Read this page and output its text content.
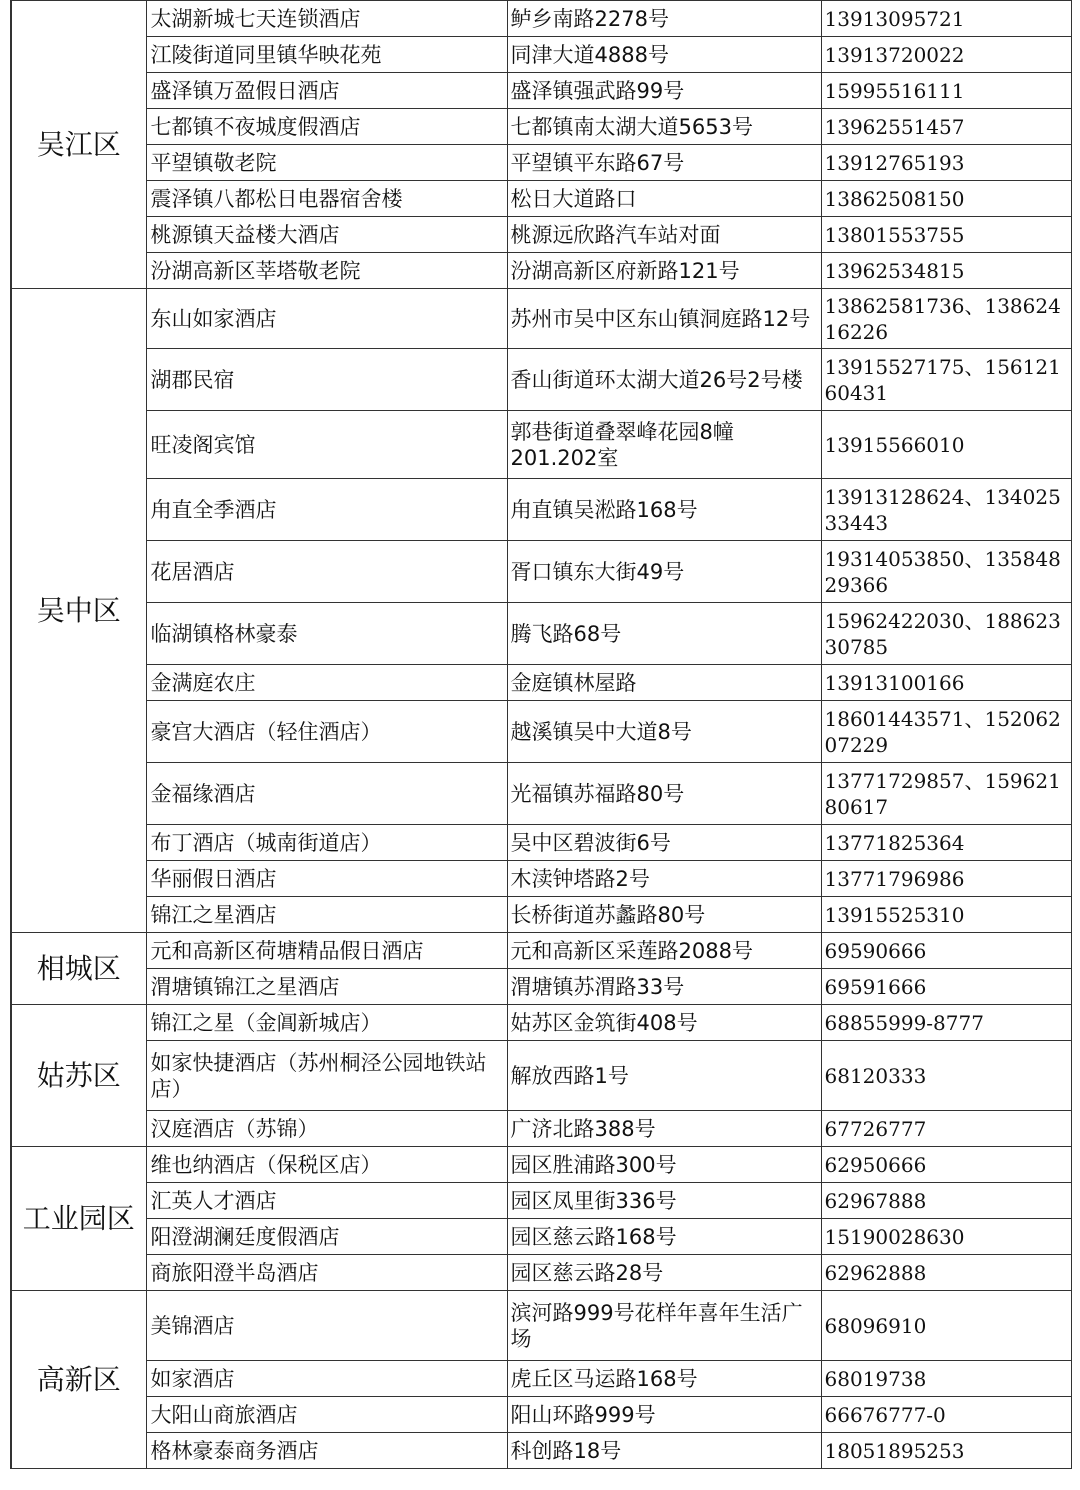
吴江区	太湖新城七天连锁酒店	鲈乡南路2278号	13913095721
	江陵街道同里镇华映花苑	同津大道4888号	13913720022
	盛泽镇万盈假日酒店	盛泽镇强武路99号	15995516111
	七都镇不夜城度假酒店	七都镇南太湖大道5653号	13962551457
	平望镇敬老院	平望镇平东路67号	13912765193
	震泽镇八都松日电器宿舍楼	松日大道路口	13862508150
	桃源镇天益楼大酒店	桃源远欣路汽车站对面	13801553755
	汾湖高新区莘塔敬老院	汾湖高新区府新路121号	13962534815
吴中区	东山如家酒店	苏州市吴中区东山镇洞庭路12号	13862581736、13862416226
	湖郡民宿	香山街道环太湖大道26号2号楼	13915527175、15612160431
	旺凌阁宾馆	郭巷街道叠翠峰花园8幢201.202室	13915566010
	甪直全季酒店	甪直镇吴淞路168号	13913128624、13402533443
	花居酒店	胥口镇东大街49号	19314053850、13584829366
	临湖镇格林豪泰	腾飞路68号	15962422030、18862330785
	金满庭农庄	金庭镇林屋路	13913100166
	豪宫大酒店（轻住酒店）	越溪镇吴中大道8号	18601443571、15206207229
	金福缘酒店	光福镇苏福路80号	13771729857、15962180617
	布丁酒店（城南街道店）	吴中区碧波街6号	13771825364
	华丽假日酒店	木渎钟塔路2号	13771796986
	锦江之星酒店	长桥街道苏蠡路80号	13915525310
相城区	元和高新区荷塘精品假日酒店	元和高新区采莲路2088号	69590666
	渭塘镇锦江之星酒店	渭塘镇苏渭路33号	69591666
姑苏区	锦江之星（金阊新城店）	姑苏区金筑街408号	68855999-8777
	如家快捷酒店（苏州桐泾公园地铁站店）	解放西路1号	68120333
	汉庭酒店（苏锦）	广济北路388号	67726777
工业园区	维也纳酒店（保税区店）	园区胜浦路300号	62950666
	汇英人才酒店	园区凤里街336号	62967888
	阳澄湖澜廷度假酒店	园区慈云路168号	15190028630
	商旅阳澄半岛酒店	园区慈云路28号	62962888
高新区	美锦酒店	滨河路999号花样年喜年生活广场	68096910
	如家酒店	虎丘区马运路168号	68019738
	大阳山商旅酒店	阳山环路999号	66676777-0
	格林豪泰商务酒店	科创路18号	18051895253
